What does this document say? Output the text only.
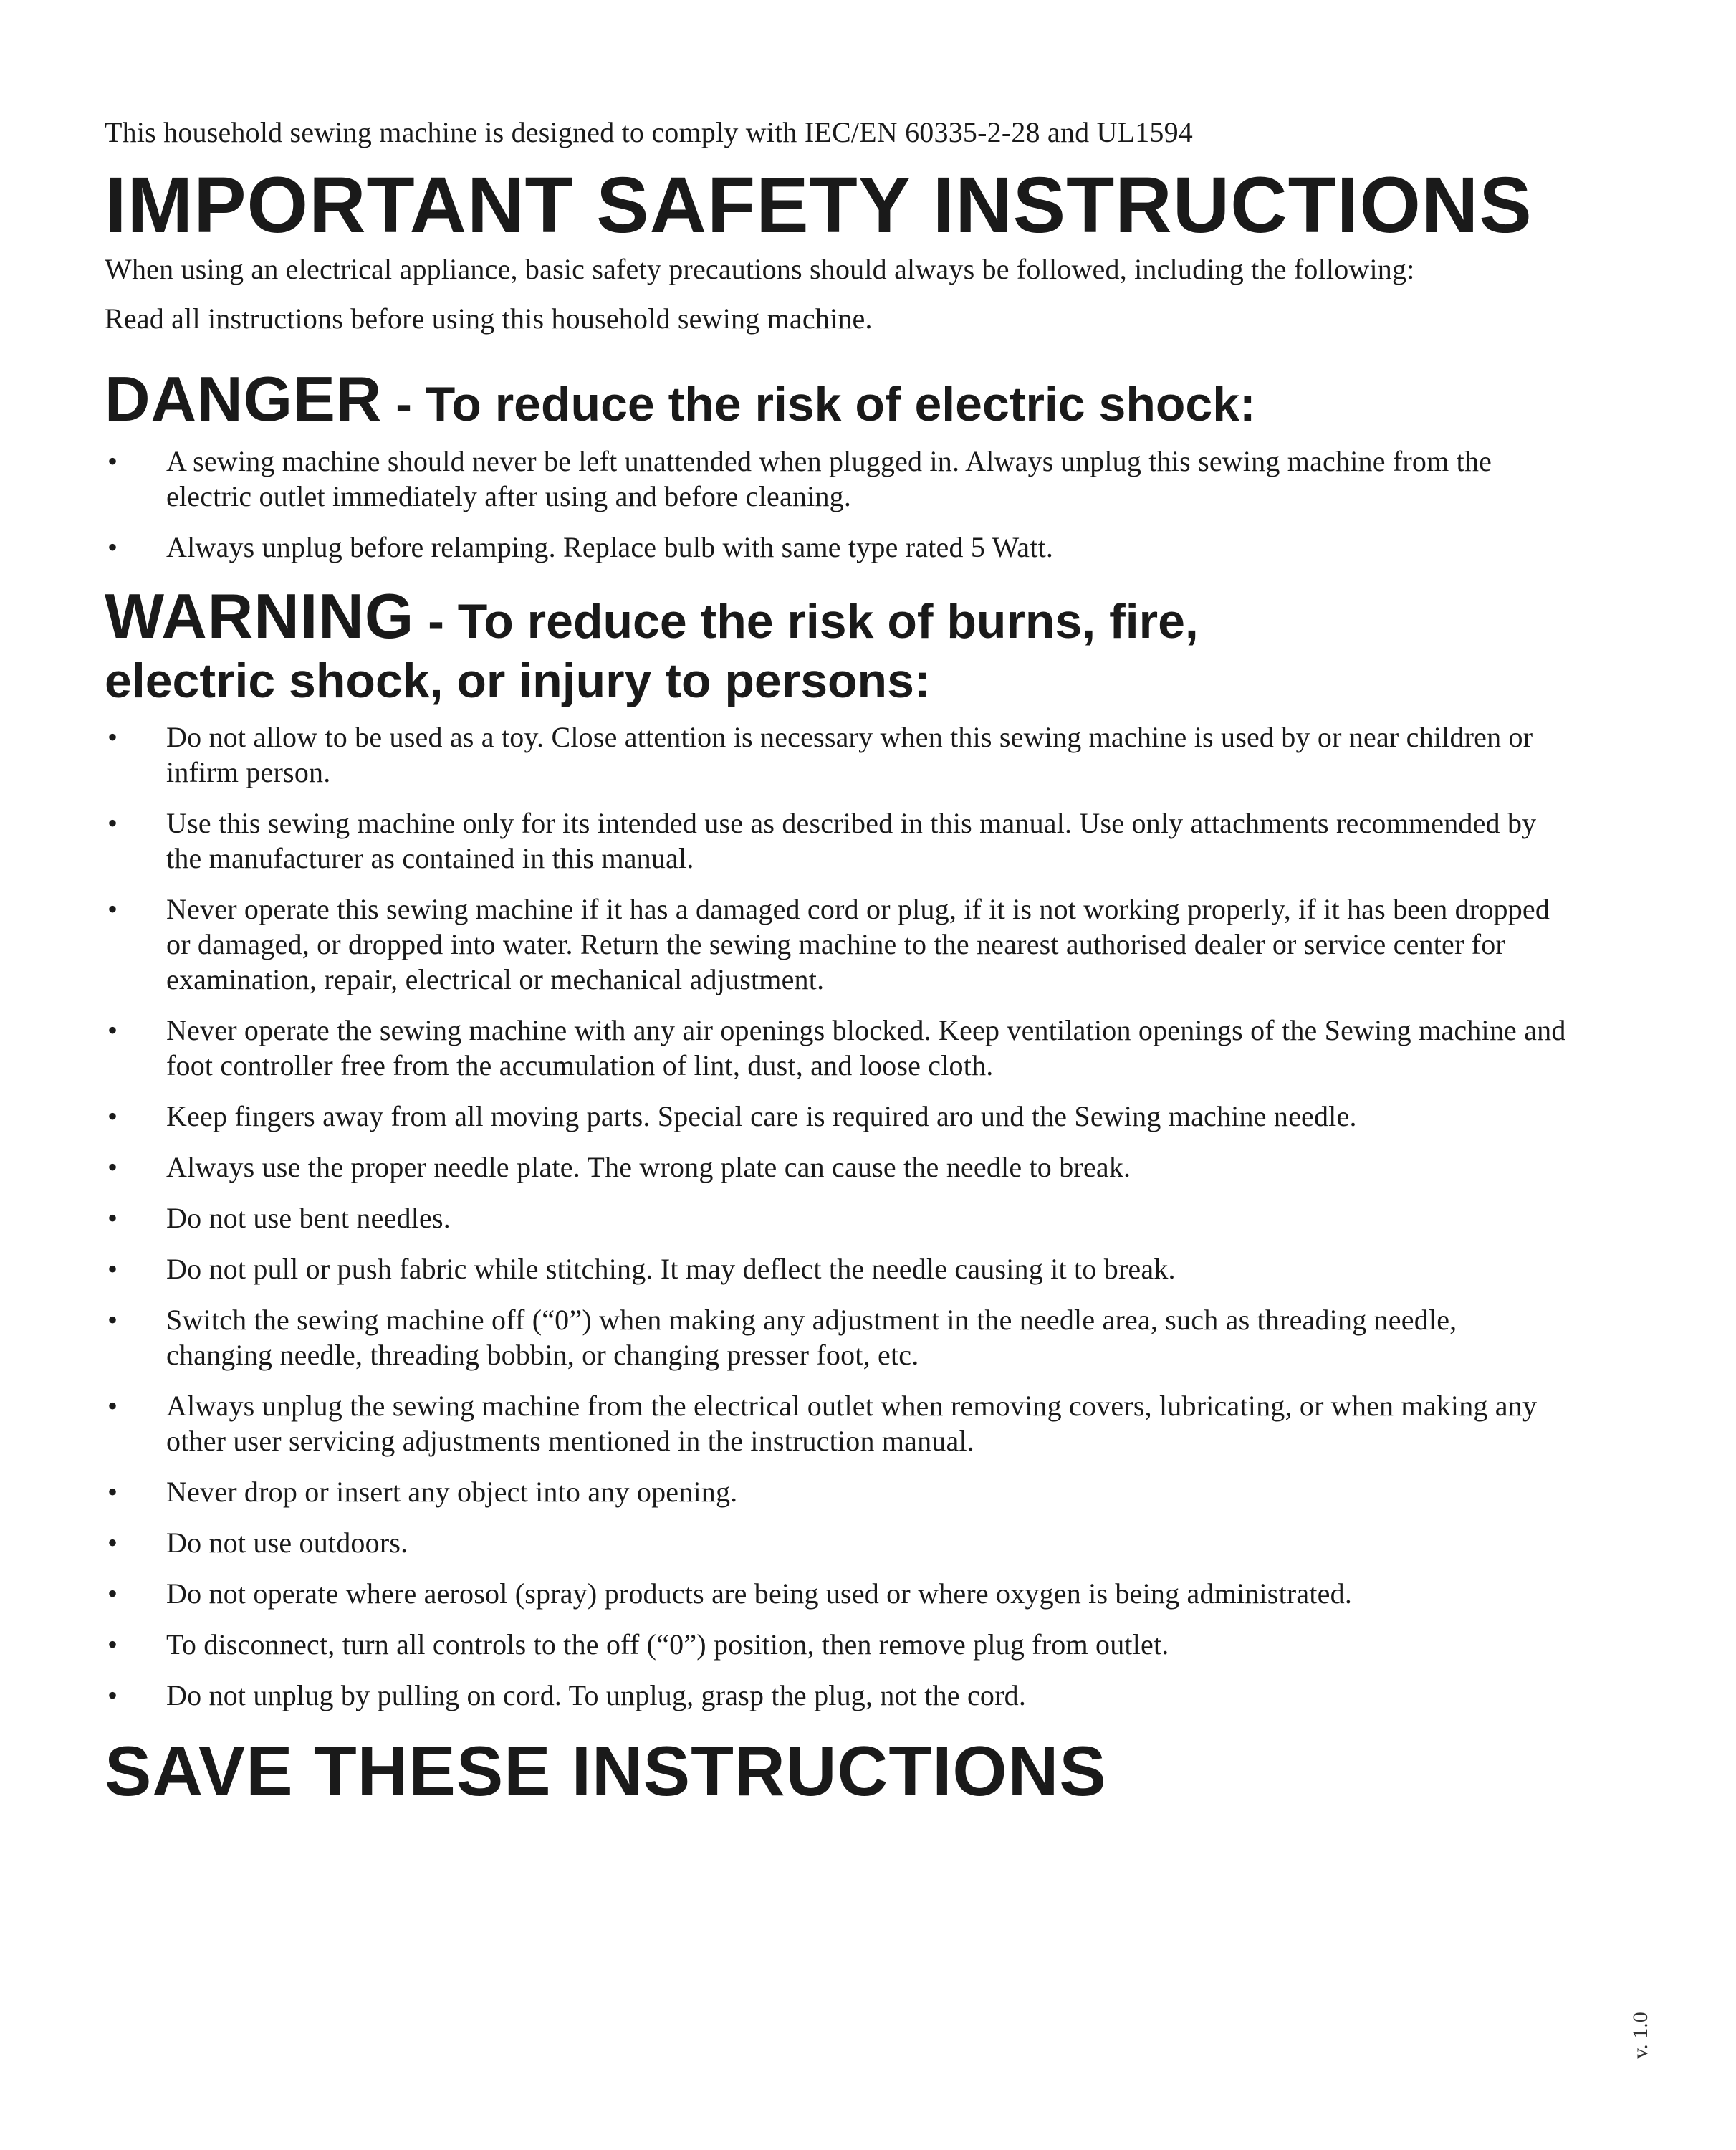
This household sewing machine is designed to comply with IEC/EN 60335-2-28 and UL1594

IMPORTANT SAFETY INSTRUCTIONS

When using an electrical appliance, basic safety precautions should always be followed, including the following:

Read all instructions before using this household sewing machine.

DANGER - To reduce the risk of electric shock:
• A sewing machine should never be left unattended when plugged in. Always unplug this sewing machine from the electric outlet immediately after using and before cleaning.
• Always unplug before relamping. Replace bulb with same type rated 5 Watt.
WARNING - To reduce the risk of burns, fire,
electric shock, or injury to persons:
• Do not allow to be used as a toy. Close attention is necessary when this sewing machine is used by or near children or infirm person.
• Use this sewing machine only for its intended use as described in this manual. Use only attachments recommended by the manufacturer as contained in this manual.
• Never operate this sewing machine if it has a damaged cord or plug, if it is not working properly, if it has been dropped or damaged, or dropped into water. Return the sewing machine to the nearest authorised dealer or service center for examination, repair, electrical or mechanical adjustment.
• Never operate the sewing machine with any air openings blocked. Keep ventilation openings of the Sewing machine and foot controller free from the accumulation of lint, dust, and loose cloth.
• Keep fingers away from all moving parts. Special care is required aro und the Sewing machine needle.
• Always use the proper needle plate. The wrong plate can cause the needle to break.
• Do not use bent needles.
• Do not pull or push fabric while stitching. It may deflect the needle causing it to break.
• Switch the sewing machine off (“0”) when making any adjustment in the needle area, such as threading needle, changing needle, threading bobbin, or changing presser foot, etc.
• Always unplug the sewing machine from the electrical outlet when removing covers, lubricating, or when making any other user servicing adjustments mentioned in the instruction manual.
• Never drop or insert any object into any opening.
• Do not use outdoors.
• Do not operate where aerosol (spray) products are being used or where oxygen is being administrated.
• To disconnect, turn all controls to the off (“0”) position, then remove plug from outlet.
• Do not unplug by pulling on cord. To unplug, grasp the plug, not the cord.
SAVE THESE INSTRUCTIONS
v. 1.0
